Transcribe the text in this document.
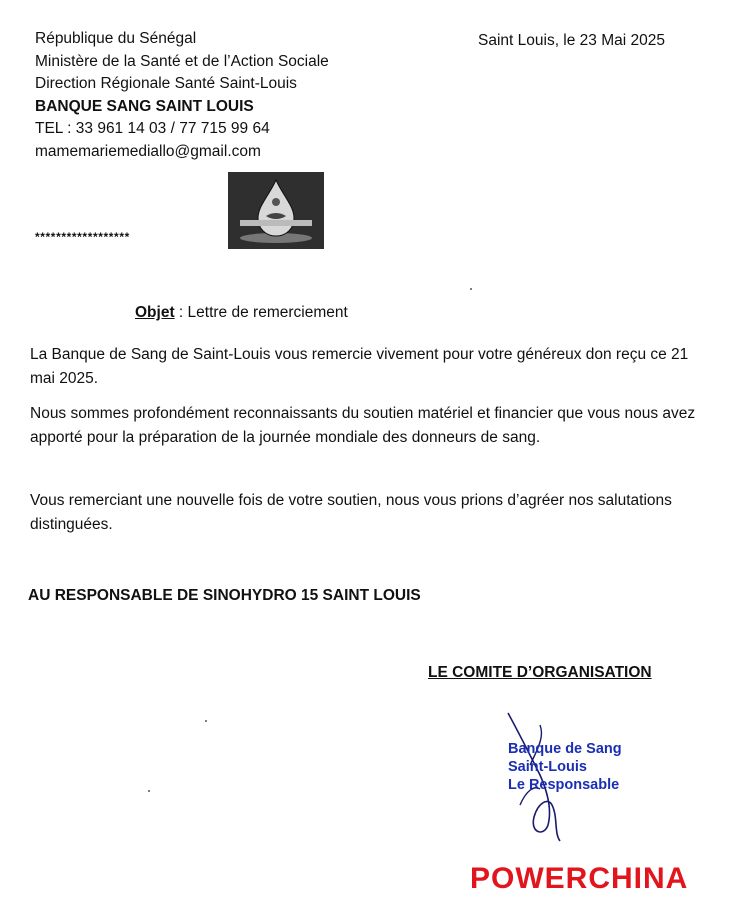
République du Sénégal
Ministère de la Santé et de l’Action Sociale
Direction Régionale Santé Saint-Louis
BANQUE SANG SAINT LOUIS
TEL : 33 961 14 03 / 77 715 99 64
mamemariemediallo@gmail.com
Saint Louis, le 23 Mai 2025
******************
Objet : Lettre de remerciement
La Banque de Sang de Saint-Louis vous remercie vivement pour votre généreux don reçu ce 21 mai 2025.
Nous sommes profondément reconnaissants du soutien matériel et financier que vous nous avez apporté pour la préparation de la journée mondiale des donneurs de sang.
Vous remerciant une nouvelle fois de votre soutien, nous vous prions d’agréer nos salutations distinguées.
AU RESPONSABLE DE SINOHYDRO 15 SAINT LOUIS
LE COMITE D’ORGANISATION
Banque de Sang
Saint-Louis
Le Responsable
POWERCHINA
